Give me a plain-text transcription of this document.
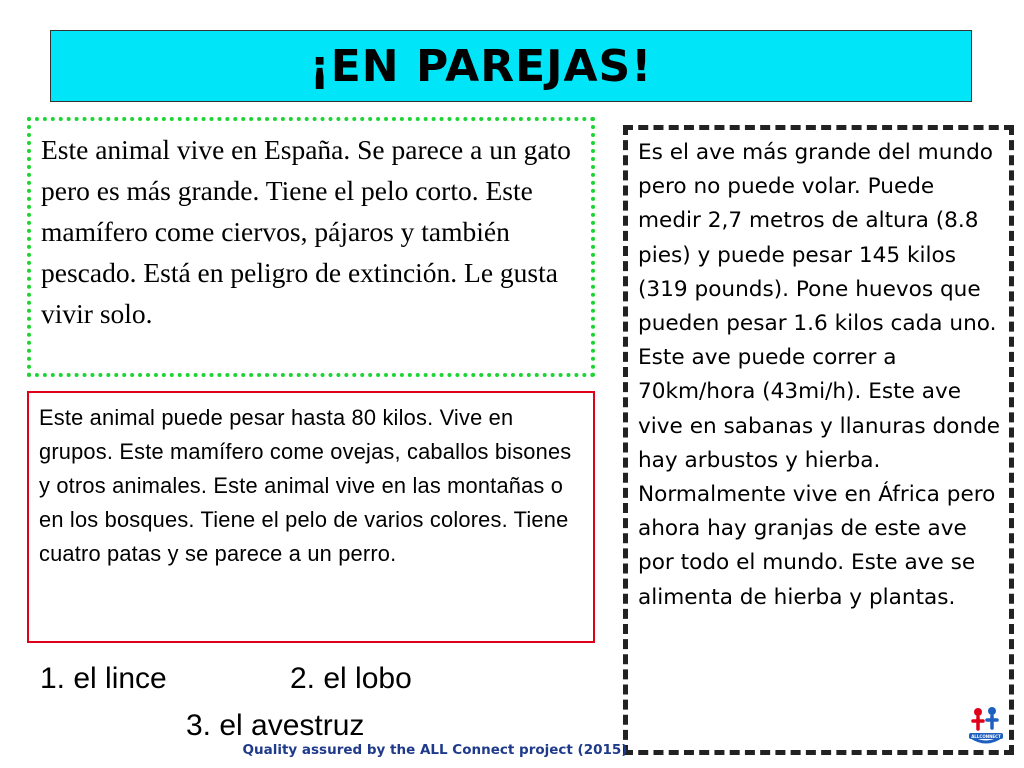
¡EN PAREJAS!
Este animal vive en España. Se parece a un gato pero es más grande. Tiene el pelo corto. Este mamífero come ciervos, pájaros y también pescado. Está en peligro de extinción. Le gusta vivir solo.
Este animal puede pesar hasta 80 kilos. Vive en grupos. Este mamífero come ovejas, caballos bisones y otros animales. Este animal vive en las montañas o en los bosques. Tiene el pelo de varios colores. Tiene cuatro patas y se parece a un perro.
Es el ave más grande del mundo pero no puede volar. Puede medir 2,7 metros de altura (8.8 pies) y puede pesar 145 kilos (319 pounds). Pone huevos que pueden pesar 1.6 kilos cada uno. Este ave puede correr a 70km/hora (43mi/h). Este ave vive en sabanas y llanuras donde hay arbustos y hierba. Normalmente vive en África pero ahora hay granjas de este ave por todo el mundo. Este ave se alimenta de hierba y plantas.
1. el lince	2. el lobo
3. el avestruz
Quality assured by the ALL Connect project (2015)
ALLCONNECT
